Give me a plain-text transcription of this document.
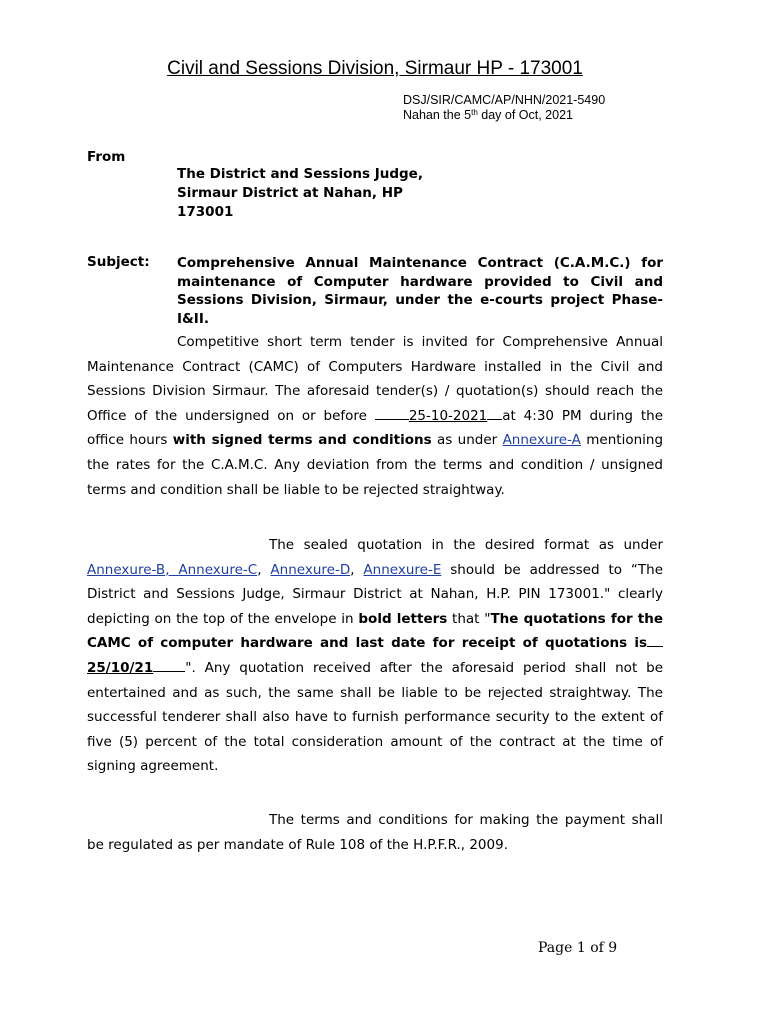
Civil and Sessions Division, Sirmaur HP - 173001
DSJ/SIR/CAMC/AP/NHN/2021-5490
Nahan the 5th day of Oct, 2021
From
The District and Sessions Judge,
Sirmaur District at Nahan, HP
173001
Subject: Comprehensive Annual Maintenance Contract (C.A.M.C.) for maintenance of Computer hardware provided to Civil and Sessions Division, Sirmaur, under the e-courts project Phase-I&II.
Competitive short term tender is invited for Comprehensive Annual Maintenance Contract (CAMC) of Computers Hardware installed in the Civil and Sessions Division Sirmaur. The aforesaid tender(s) / quotation(s) should reach the Office of the undersigned on or before	25-10-2021 at 4:30 PM during the office hours with signed terms and conditions as under Annexure-A mentioning the rates for the C.A.M.C. Any deviation from the terms and condition / unsigned terms and condition shall be liable to be rejected straightway.
The sealed quotation in the desired format as under Annexure-B, Annexure-C, Annexure-D, Annexure-E should be addressed to “The District and Sessions Judge, Sirmaur District at Nahan, H.P. PIN 173001." clearly depicting on the top of the envelope in bold letters that "The quotations for the CAMC of computer hardware and last date for receipt of quotations is25/10/21 ". Any quotation received after the aforesaid period shall not be entertained and as such, the same shall be liable to be rejected straightway. The successful tenderer shall also have to furnish performance security to the extent of five (5) percent of the total consideration amount of the contract at the time of signing agreement.
The terms and conditions for making the payment shall be regulated as per mandate of Rule 108 of the H.P.F.R., 2009.
Page 1 of 9
